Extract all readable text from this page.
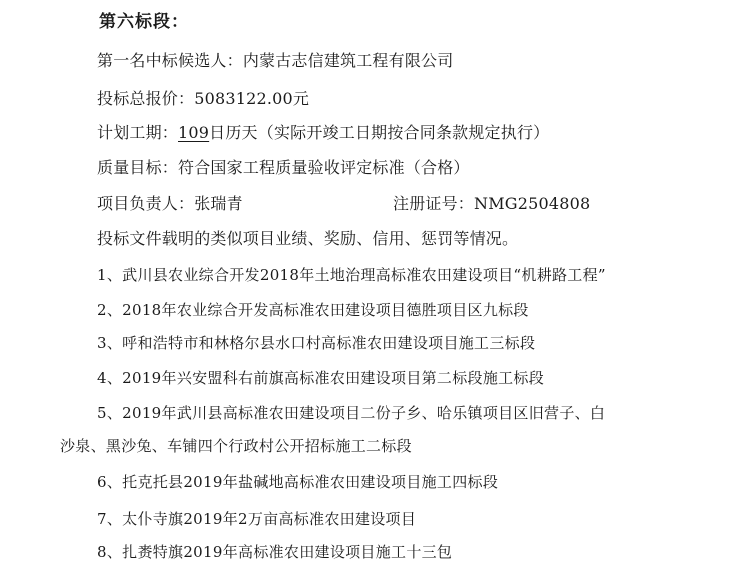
第六标段：
第一名中标候选人：内蒙古志信建筑工程有限公司
投标总报价：5083122.00元
计划工期：109日历天（实际开竣工日期按合同条款规定执行）
质量目标：符合国家工程质量验收评定标准（合格）
项目负责人：张瑞青	注册证号：NMG2504808
投标文件载明的类似项目业绩、奖励、信用、惩罚等情况。
1、武川县农业综合开发2018年土地治理高标准农田建设项目“机耕路工程”
2、2018年农业综合开发高标准农田建设项目德胜项目区九标段
3、呼和浩特市和林格尔县水口村高标准农田建设项目施工三标段
4、2019年兴安盟科右前旗高标准农田建设项目第二标段施工标段
5、2019年武川县高标准农田建设项目二份子乡、哈乐镇项目区旧营子、白
沙泉、黑沙兔、车铺四个行政村公开招标施工二标段
6、托克托县2019年盐碱地高标准农田建设项目施工四标段
7、太仆寺旗2019年2万亩高标准农田建设项目
8、扎赉特旗2019年高标准农田建设项目施工十三包
